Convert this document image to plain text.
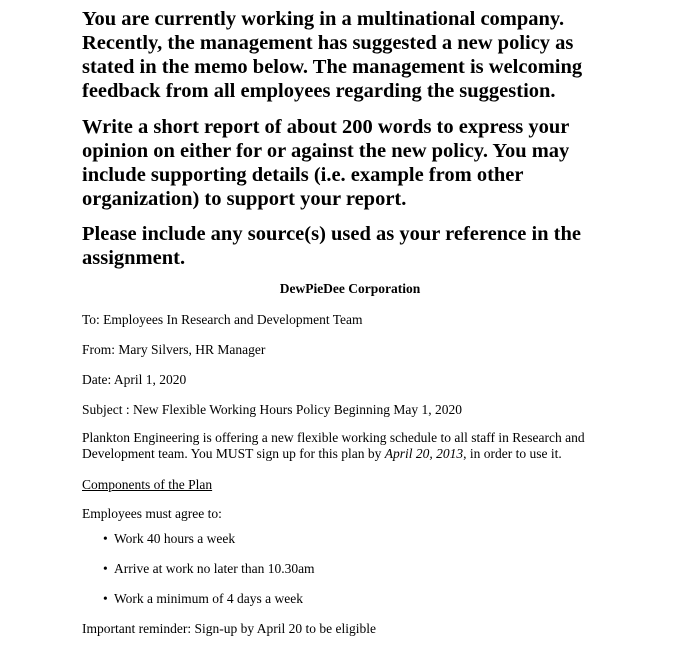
You are currently working in a multinational company. Recently, the management has suggested a new policy as stated in the memo below. The management is welcoming feedback from all employees regarding the suggestion.

Write a short report of about 200 words to express your opinion on either for or against the new policy. You may include supporting details (i.e. example from other organization) to support your report.

Please include any source(s) used as your reference in the assignment.

DewPieDee Corporation
To: Employees In Research and Development Team
From: Mary Silvers, HR Manager
Date: April 1, 2020
Subject : New Flexible Working Hours Policy Beginning May 1, 2020
Plankton Engineering is offering a new flexible working schedule to all staff in Research and Development team. You MUST sign up for this plan by April 20, 2013, in order to use it.
Components of the Plan
Employees must agree to:
• Work 40 hours a week
• Arrive at work no later than 10.30am
• Work a minimum of 4 days a week
Important reminder: Sign-up by April 20 to be eligible
